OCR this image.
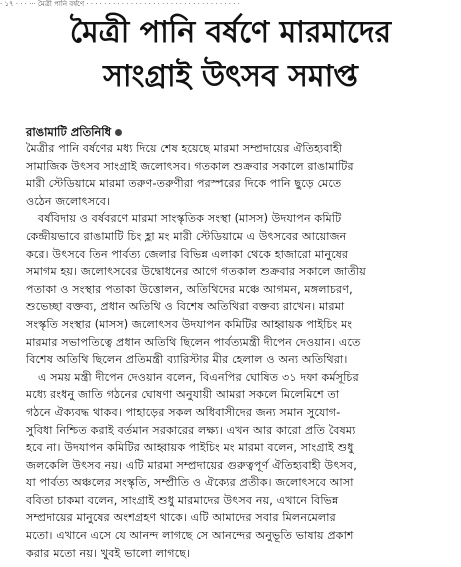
· ১৭ · · · ··· মৈত্রী পানি বর্ষণে · · · · · · · · · · · · · · · · · · · · · · · · · · · · · · · · · · ·
মৈত্রী পানি বর্ষণে মারমাদের
সাংগ্রাই উৎসব সমাপ্ত
রাঙামাটি প্রতিনিধি
মৈত্রীর পানি বর্ষণের মধ্য দিয়ে শেষ হয়েছে মারমা সম্প্রদায়ের ঐতিহ্যবাহী
সামাজিক উৎসব সাংগ্রাই জলোৎসব। গতকাল শুক্রবার সকালে রাঙামাটির
মারী স্টেডিয়ামে মারমা তরুণ-তরুণীরা পরস্পরের দিকে পানি ছুড়ে মেতে
ওঠেন জলোৎসবে।
বর্ষবিদায় ও বর্ষবরণে মারমা সাংস্কৃতিক সংস্থা (মাসস) উদযাপন কমিটি
কেন্দ্রীয়ভাবে রাঙামাটি চিং হ্লা মং মারী স্টেডিয়ামে এ উৎসবের আয়োজন
করে। উৎসবে তিন পার্বত্য জেলার বিভিন্ন এলাকা থেকে হাজারো মানুষের
সমাগম হয়। জলোৎসবের উদ্বোধনের আগে গতকাল শুক্রবার সকালে জাতীয়
পতাকা ও সংস্থার পতাকা উত্তোলন, অতিথিদের মঞ্চে আগমন, মঙ্গলাচরণ,
শুভেচ্ছা বক্তব্য, প্রধান অতিথি ও বিশেষ অতিথিরা বক্তব্য রাখেন। মারমা
সংস্কৃতি সংস্থার (মাসস) জলোৎসব উদযাপন কমিটির আহ্বায়ক পাইচিং মং
মারমার সভাপতিত্বে প্রধান অতিথি ছিলেন পার্বত্যমন্ত্রী দীপেন দেওয়ান। এতে
বিশেষ অতিথি ছিলেন প্রতিমন্ত্রী ব্যারিস্টার মীর হেলাল ও অন্য অতিথিরা।
এ সময় মন্ত্রী দীপেন দেওয়ান বলেন, বিএনপির ঘোষিত ৩১ দফা কর্মসূচির
মধ্যে রংধনু জাতি গঠনের ঘোষণা অনুযায়ী আমরা সকলে মিলেমিশে তা
গঠনে ঐক্যবদ্ধ থাকব। পাহাড়ের সকল অধিবাসীদের জন্য সমান সুযোগ-
সুবিধা নিশ্চিত করাই বর্তমান সরকারের লক্ষ্য। এখন আর কারো প্রতি বৈষম্য
হবে না। উদযাপন কমিটির আহ্বায়ক পাইচিং মং মারমা বলেন, সাংগ্রাই শুধু
জলকেলি উৎসব নয়। এটি মারমা সম্প্রদায়ের গুরুত্বপূর্ণ ঐতিহ্যবাহী উৎসব,
যা পার্বত্য অঞ্চলের সংস্কৃতি, সম্প্রীতি ও ঐক্যের প্রতীক। জলোৎসবে আসা
ববিতা চাকমা বলেন, সাংগ্রাই শুধু মারমাদের উৎসব নয়, এখানে বিভিন্ন
সম্প্রদায়ের মানুষের অংশগ্রহণ থাকে। এটি আমাদের সবার মিলনমেলার
মতো। এখানে এসে যে আনন্দ লাগছে সে আনন্দের অনুভূতি ভাষায় প্রকাশ
করার মতো নয়। খুবই ভালো লাগছে।
